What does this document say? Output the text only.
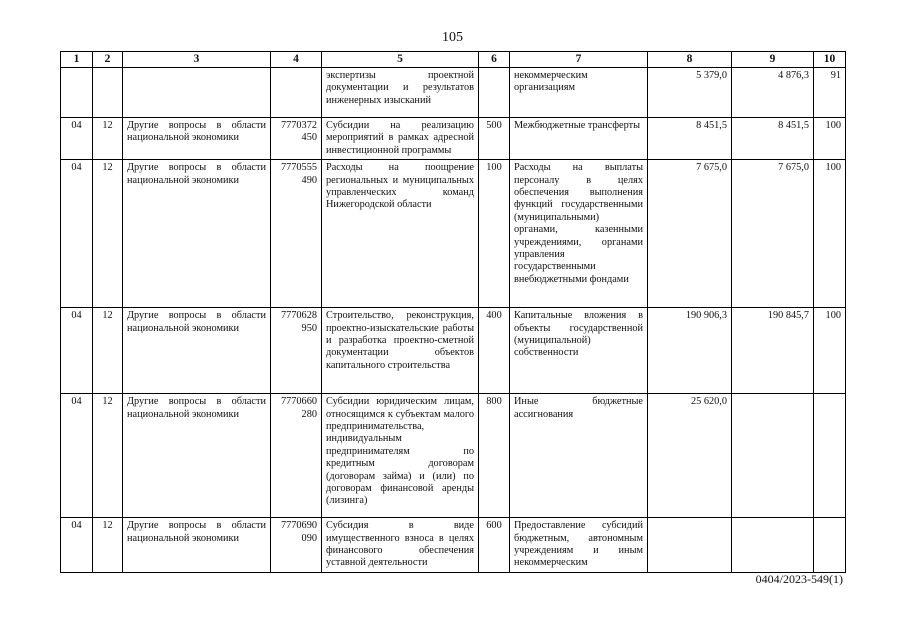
105
1	2	3	4	5	6	7	8	9	10
				экспертизы проектной документации и результатов инженерных изысканий		некоммерческим организациям	5 379,0	4 876,3	91
04	12	Другие вопросы в области национальной экономики	7770372 450	Субсидии на реализацию мероприятий в рамках адресной инвестиционной программы	500	Межбюджетные трансферты	8 451,5	8 451,5	100
04	12	Другие вопросы в области национальной экономики	7770555 490	Расходы на поощрение региональных и муниципальных управленческих команд Нижегородской области	100	Расходы на выплаты персоналу в целях обеспечения выполнения функций государственными (муниципальными) органами, казенными учреждениями, органами управления государственными внебюджетными фондами	7 675,0	7 675,0	100
04	12	Другие вопросы в области национальной экономики	7770628 950	Строительство, реконструкция, проектно-изыскательские работы и разработка проектно-сметной документации объектов капитального строительства	400	Капитальные вложения в объекты государственной (муниципальной) собственности	190 906,3	190 845,7	100
04	12	Другие вопросы в области национальной экономики	7770660 280	Субсидии юридическим лицам, относящимся к субъектам малого предпринимательства, индивидуальным предпринимателям по кредитным договорам (договорам займа) и (или) по договорам финансовой аренды (лизинга)	800	Иные бюджетные ассигнования	25 620,0		
04	12	Другие вопросы в области национальной экономики	7770690 090	Субсидия в виде имущественного взноса в целях финансового обеспечения уставной деятельности	600	Предоставление субсидий бюджетным, автономным учреждениям и иным некоммерческим			
0404/2023-549(1)
